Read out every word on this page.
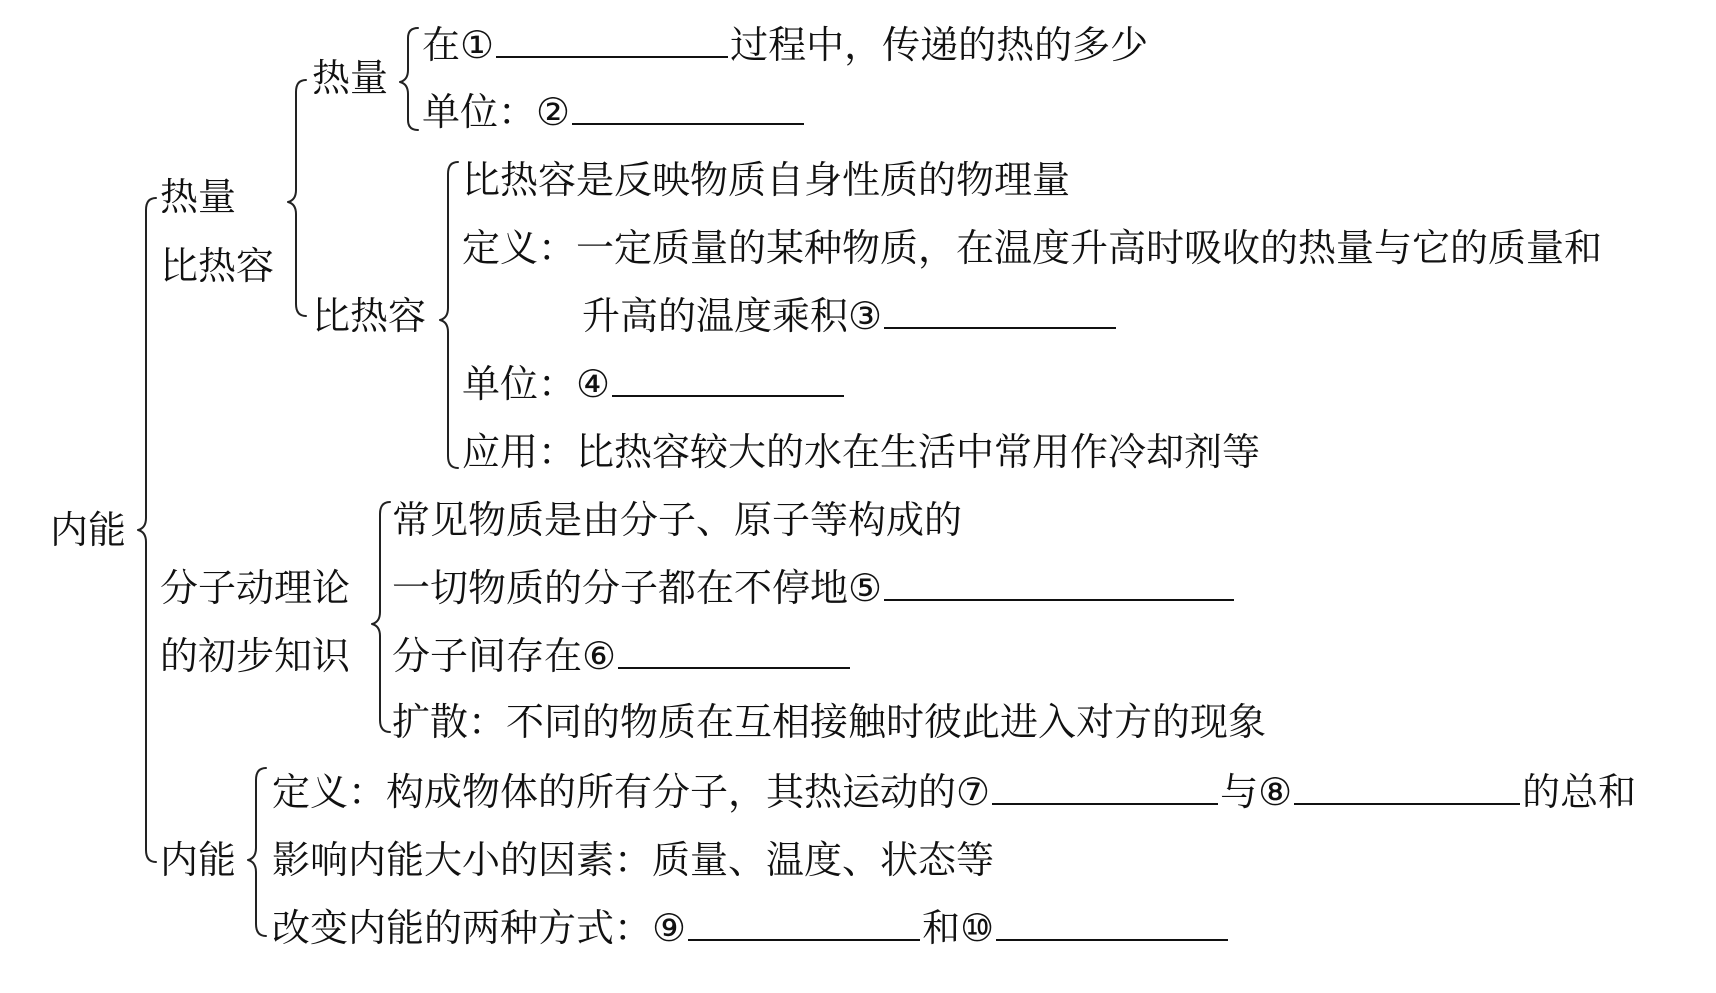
内能
热量
比热容
热量
在①	过程中，传递的热的多少
单位：②
比热容
比热容是反映物质自身性质的物理量
定义：一定质量的某种物质，在温度升高时吸收的热量与它的质量和
升高的温度乘积③
单位：④
应用：比热容较大的水在生活中常用作冷却剂等
分子动理论
的初步知识
常见物质是由分子、原子等构成的
一切物质的分子都在不停地⑤
分子间存在⑥
扩散：不同的物质在互相接触时彼此进入对方的现象
内能
定义：构成物体的所有分子，其热运动的⑦	与⑧	的总和
影响内能大小的因素：质量、温度、状态等
改变内能的两种方式：⑨	和⑩
